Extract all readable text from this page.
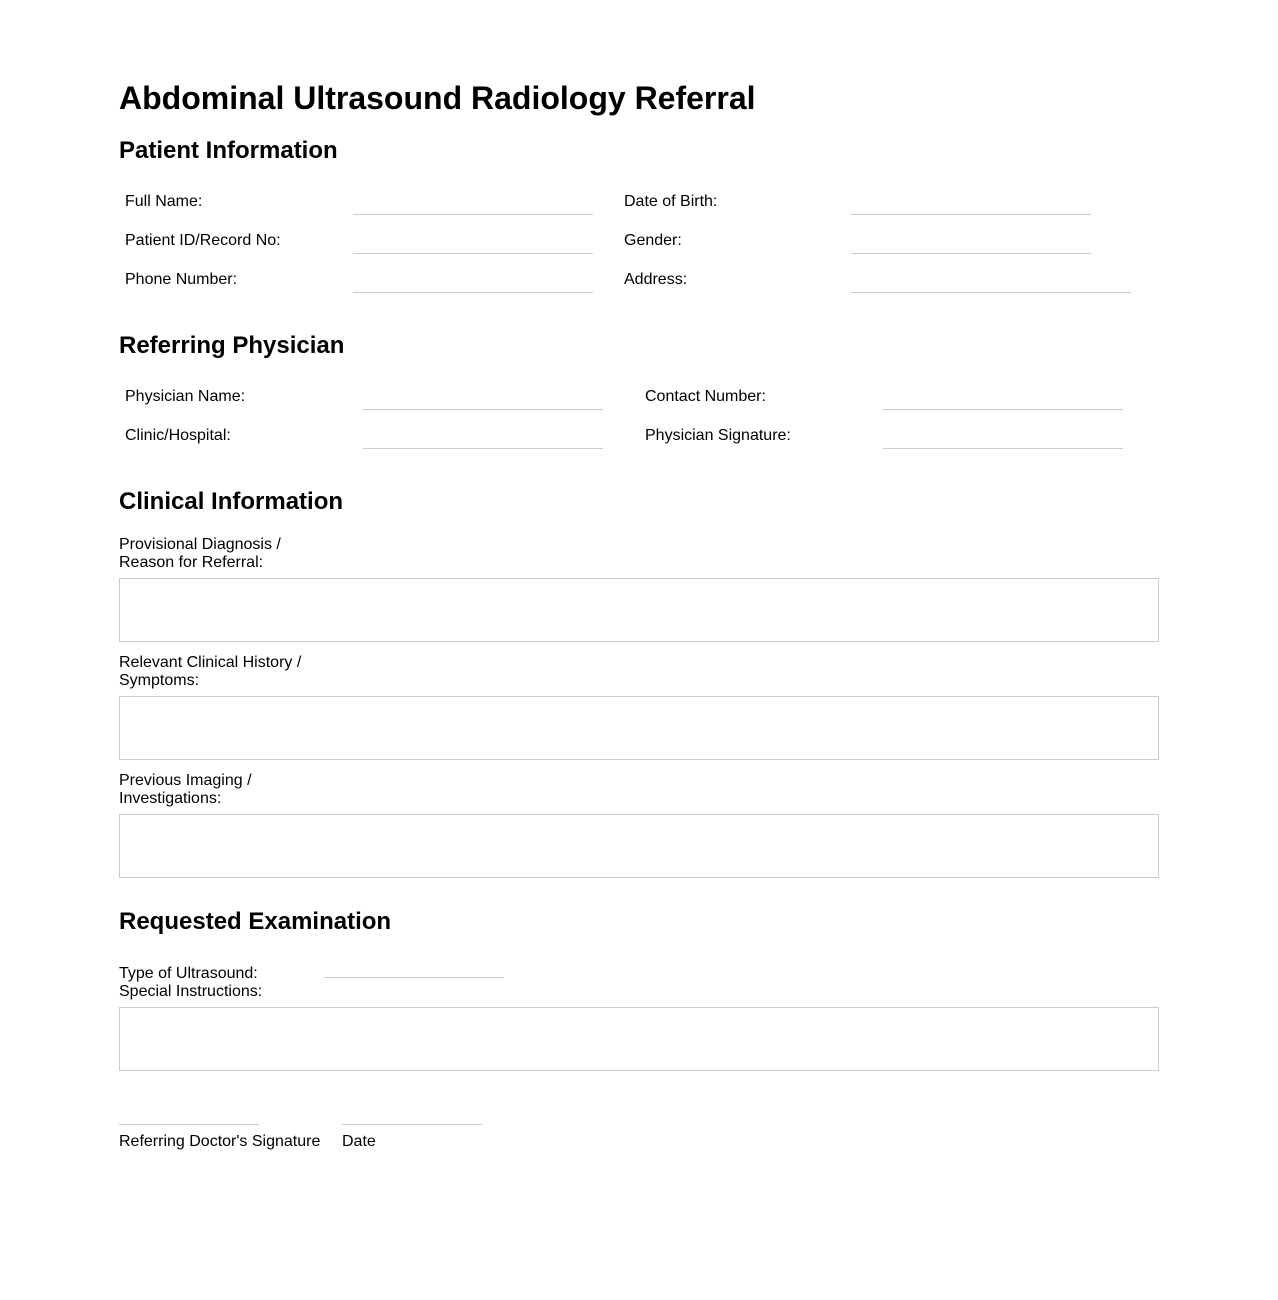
Abdominal Ultrasound Radiology Referral
Patient Information
Full Name:	Date of Birth:
Patient ID/Record No:	Gender:
Phone Number:	Address:
Referring Physician
Physician Name:	Contact Number:
Clinic/Hospital:	Physician Signature:
Clinical Information
Provisional Diagnosis /
Reason for Referral:
Relevant Clinical History /
Symptoms:
Previous Imaging /
Investigations:
Requested Examination
Type of Ultrasound:
Special Instructions:
Referring Doctor's Signature Date
